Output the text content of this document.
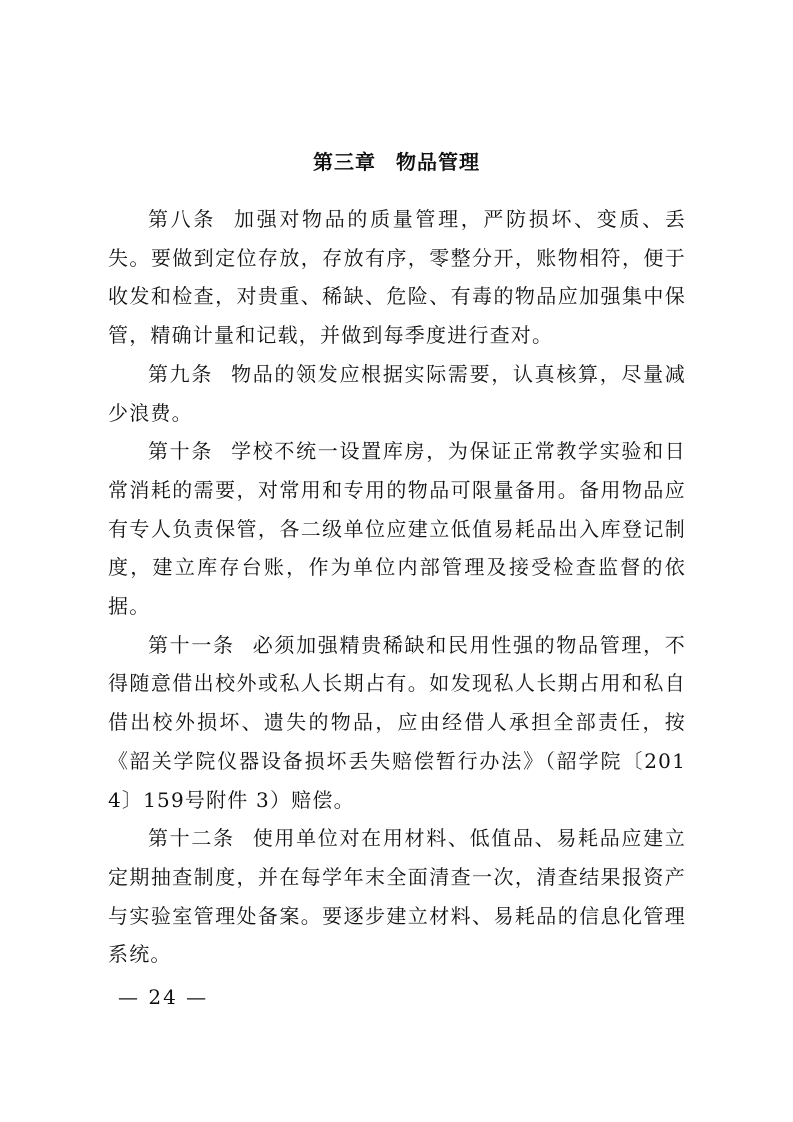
第三章 物品管理

第八条 加强对物品的质量管理，严防损坏、变质、丢失。要做到定位存放，存放有序，零整分开，账物相符，便于收发和检查，对贵重、稀缺、危险、有毒的物品应加强集中保管，精确计量和记载，并做到每季度进行查对。

第九条 物品的领发应根据实际需要，认真核算，尽量减少浪费。

第十条 学校不统一设置库房，为保证正常教学实验和日常消耗的需要，对常用和专用的物品可限量备用。备用物品应有专人负责保管，各二级单位应建立低值易耗品出入库登记制度，建立库存台账，作为单位内部管理及接受检查监督的依据。

第十一条 必须加强精贵稀缺和民用性强的物品管理，不得随意借出校外或私人长期占有。如发现私人长期占用和私自借出校外损坏、遗失的物品，应由经借人承担全部责任，按《韶关学院仪器设备损坏丢失赔偿暂行办法》（韶学院〔2014〕159号附件 3）赔偿。

第十二条 使用单位对在用材料、低值品、易耗品应建立定期抽查制度，并在每学年末全面清查一次，清查结果报资产与实验室管理处备案。要逐步建立材料、易耗品的信息化管理系统。

— 24 —
